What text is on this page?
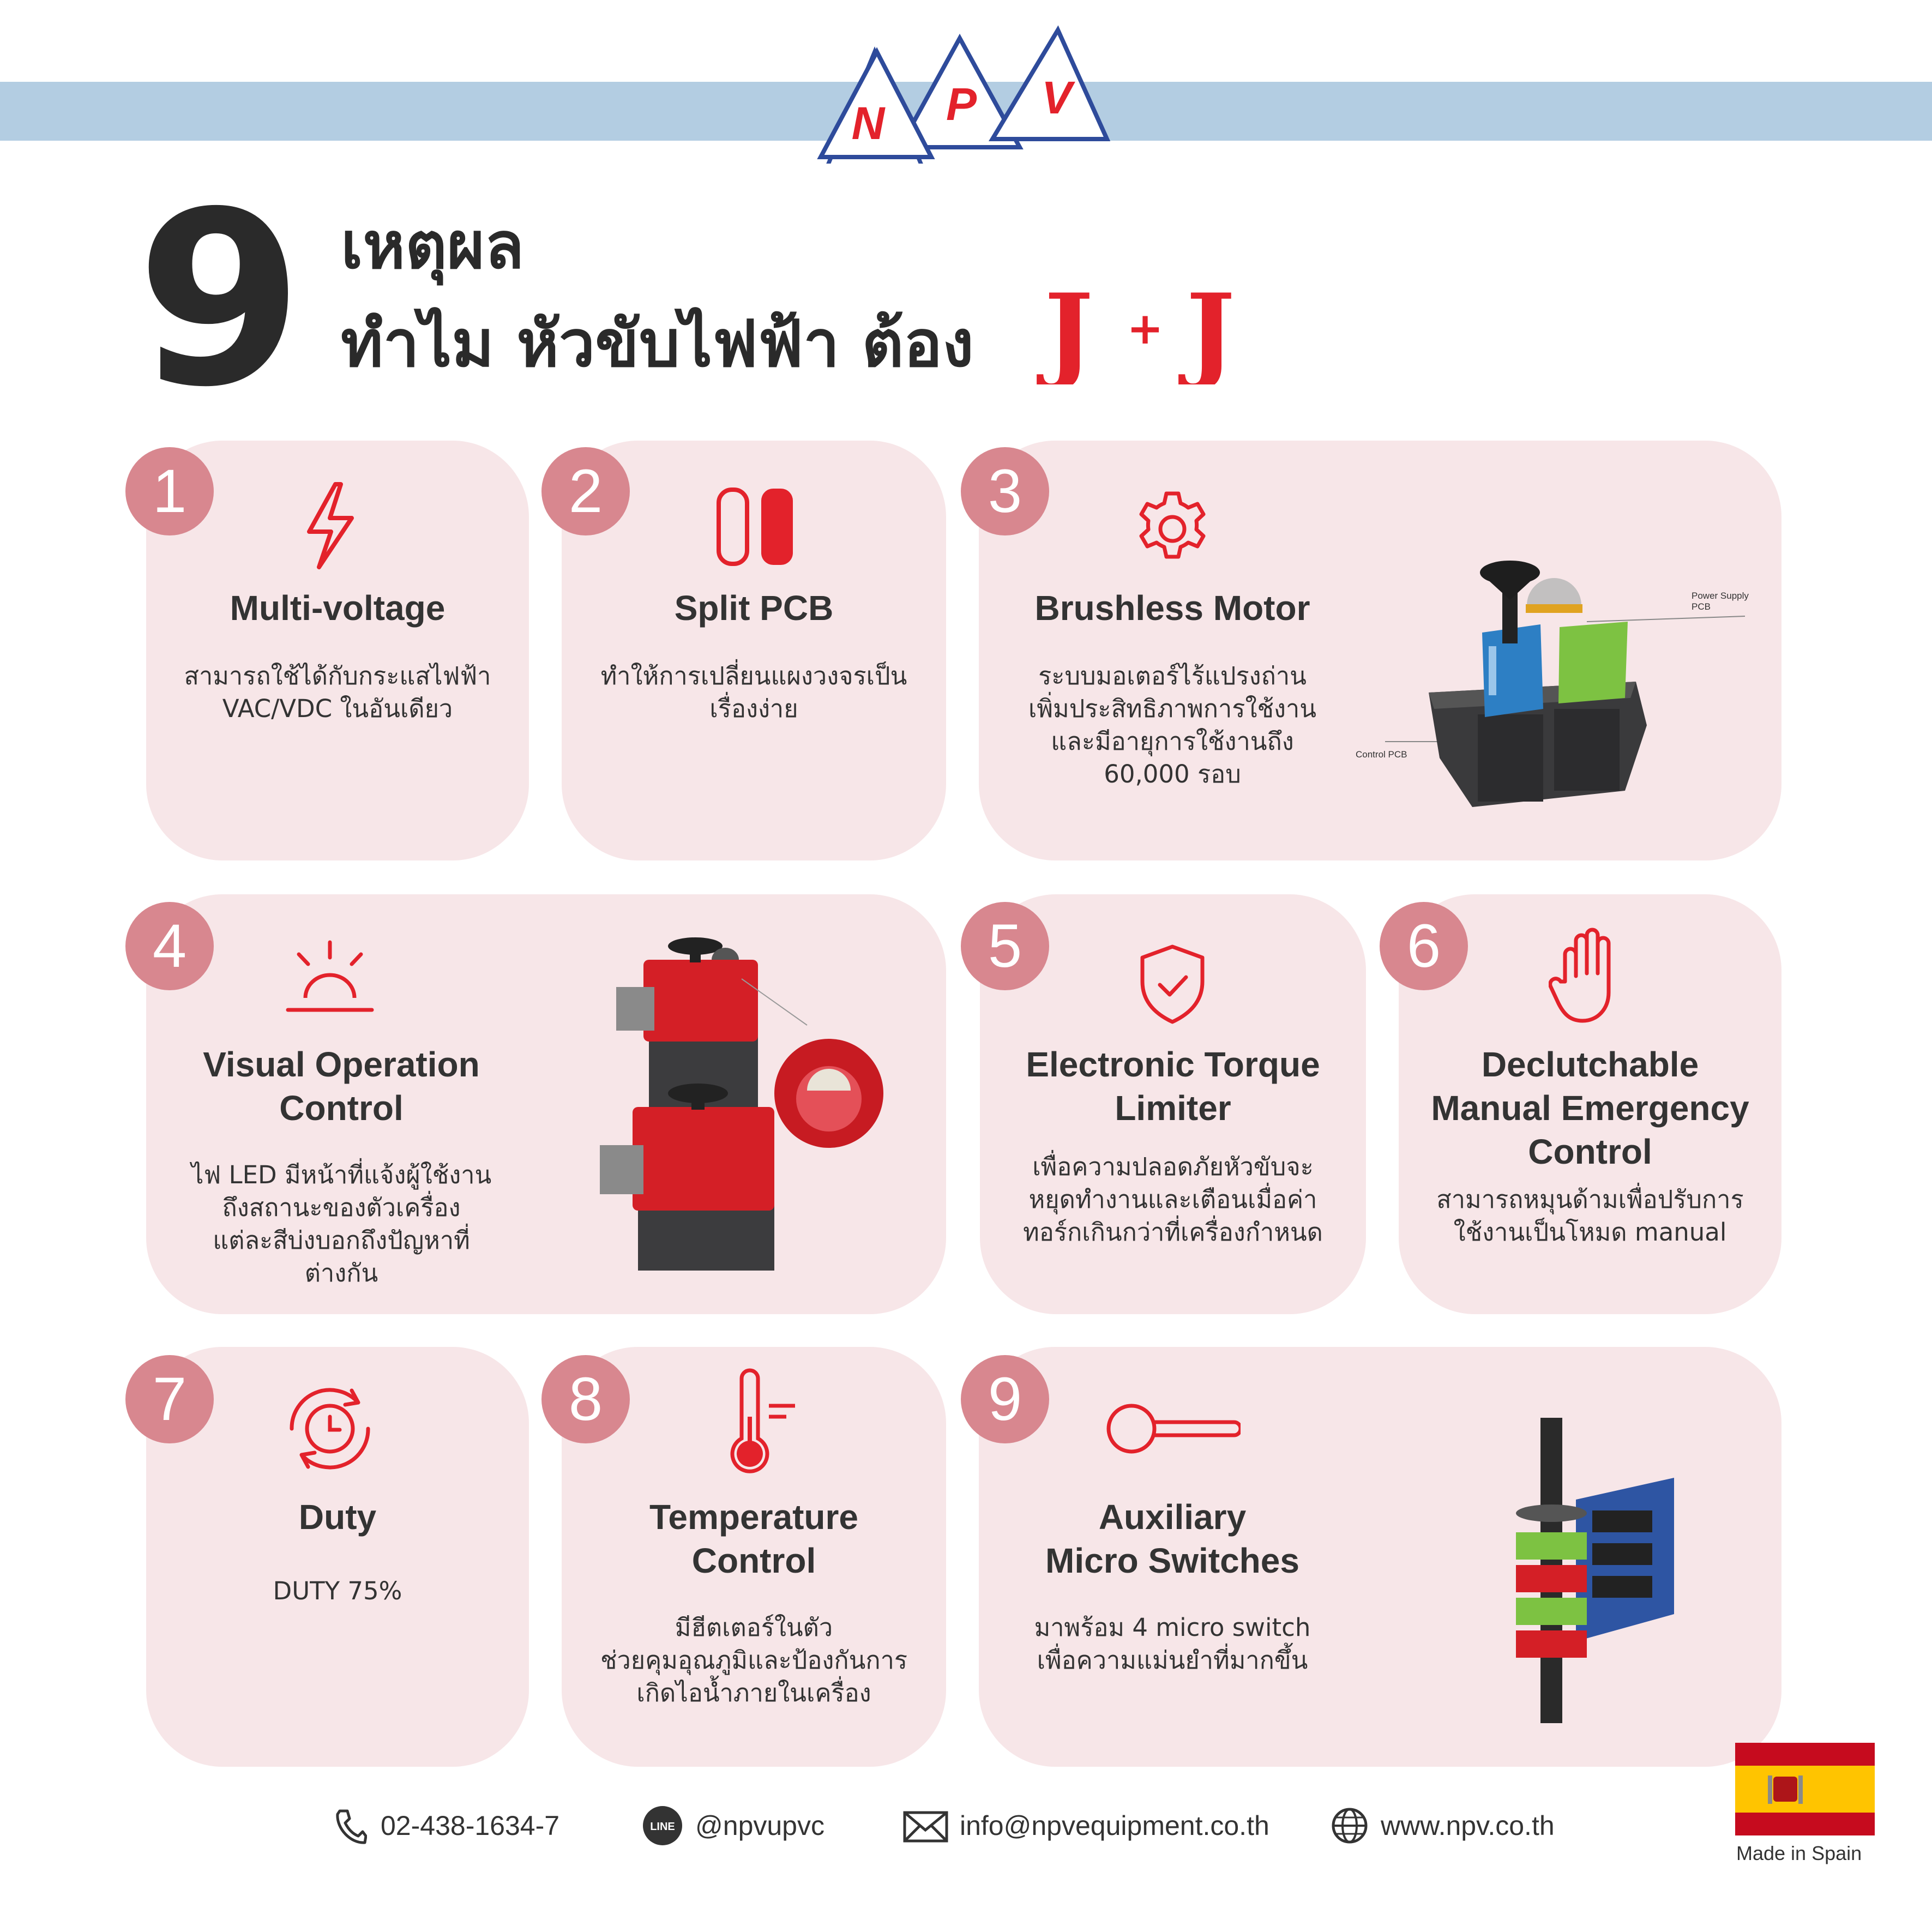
N P V
9 เหตุผล
ทำไม หัวขับไฟฟ้า ต้อง J + J
1
Multi-voltage
สามารถใช้ได้กับกระแสไฟฟ้า
VAC/VDC ในอันเดียว
2
Split PCB
ทำให้การเปลี่ยนแผงวงจรเป็น
เรื่องง่าย
3
Brushless Motor
ระบบมอเตอร์ไร้แปรงถ่าน
เพิ่มประสิทธิภาพการใช้งาน
และมีอายุการใช้งานถึง
60,000 รอบ
Power Supply
PCB
Control PCB
4
Visual Operation
Control
ไฟ LED มีหน้าที่แจ้งผู้ใช้งาน
ถึงสถานะของตัวเครื่อง
แต่ละสีบ่งบอกถึงปัญหาที่
ต่างกัน
5
Electronic Torque
Limiter
เพื่อความปลอดภัยหัวขับจะ
หยุดทำงานและเตือนเมื่อค่า
ทอร์กเกินกว่าที่เครื่องกำหนด
6
Declutchable
Manual Emergency
Control
สามารถหมุนด้ามเพื่อปรับการ
ใช้งานเป็นโหมด manual
7
Duty
DUTY 75%
8
Temperature
Control
มีฮีตเตอร์ในตัว
ช่วยคุมอุณภูมิและป้องกันการ
เกิดไอน้ำภายในเครื่อง
9
Auxiliary
Micro Switches
มาพร้อม 4 micro switch
เพื่อความแม่นยำที่มากขึ้น
02-438-1634-7	LINE @npvupvc	info@npvequipment.co.th	www.npv.co.th
Made in Spain
